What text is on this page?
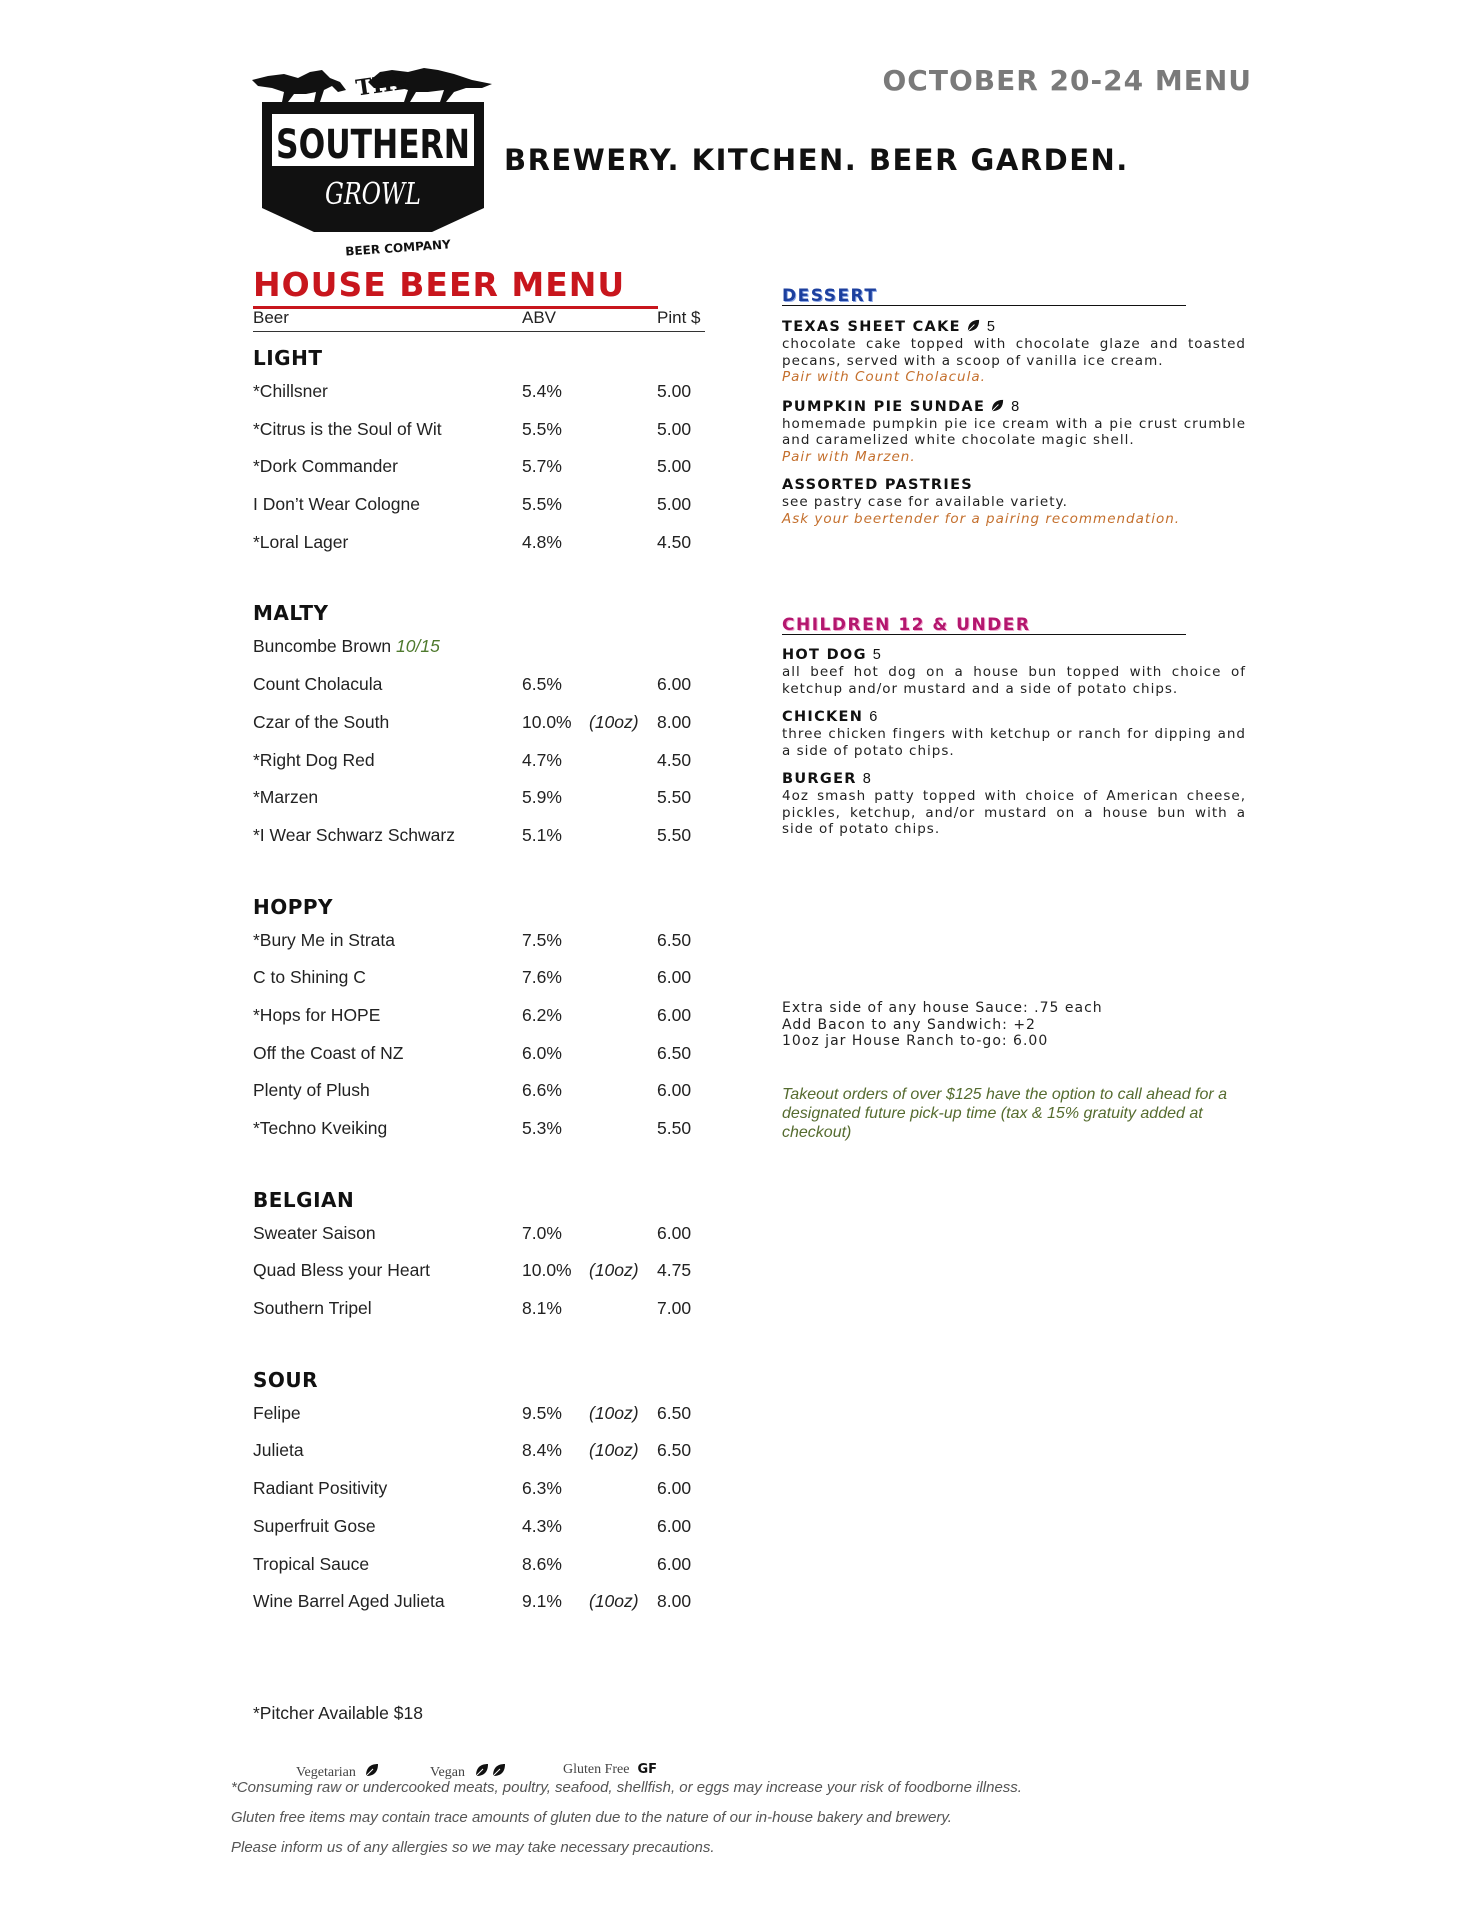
THE
SOUTHERN
GROWL
BEER COMPANY
BREWERY. KITCHEN. BEER GARDEN.
OCTOBER 20-24 MENU
HOUSE BEER MENU
Beer	ABV	Pint $
LIGHT
*Chillsner	5.4%	5.00
*Citrus is the Soul of Wit	5.5%	5.00
*Dork Commander	5.7%	5.00
I Don’t Wear Cologne	5.5%	5.00
*Loral Lager	4.8%	4.50
MALTY
Buncombe Brown 10/15
Count Cholacula	6.5%	6.00
Czar of the South	10.0% (10oz) 8.00
*Right Dog Red	4.7%	4.50
*Marzen	5.9%	5.50
*I Wear Schwarz Schwarz	5.1%	5.50
HOPPY
*Bury Me in Strata	7.5%	6.50
C to Shining C	7.6%	6.00
*Hops for HOPE	6.2%	6.00
Off the Coast of NZ	6.0%	6.50
Plenty of Plush	6.6%	6.00
*Techno Kveiking	5.3%	5.50
BELGIAN
Sweater Saison	7.0%	6.00
Quad Bless your Heart	10.0% (10oz) 4.75
Southern Tripel	8.1%	7.00
SOUR
Felipe	9.5% (10oz) 6.50
Julieta	8.4% (10oz) 6.50
Radiant Positivity	6.3%	6.00
Superfruit Gose	4.3%	6.00
Tropical Sauce	8.6%	6.00
Wine Barrel Aged Julieta	9.1% (10oz) 8.00
*Pitcher Available $18
DESSERT
TEXAS SHEET CAKE 5
chocolate cake topped with chocolate glaze and toasted pecans, served with a scoop of vanilla ice cream.
Pair with Count Cholacula.
PUMPKIN PIE SUNDAE 8
homemade pumpkin pie ice cream with a pie crust crumble and caramelized white chocolate magic shell.
Pair with Marzen.
ASSORTED PASTRIES
see pastry case for available variety.
Ask your beertender for a pairing recommendation.
CHILDREN 12 & UNDER
HOT DOG 5
all beef hot dog on a house bun topped with choice of ketchup and/or mustard and a side of potato chips.
CHICKEN 6
three chicken fingers with ketchup or ranch for dipping and a side of potato chips.
BURGER 8
4oz smash patty topped with choice of American cheese, pickles, ketchup, and/or mustard on a house bun with a side of potato chips.
Extra side of any house Sauce: .75 each
Add Bacon to any Sandwich: +2
10oz jar House Ranch to-go: 6.00
Takeout orders of over $125 have the option to call ahead for a designated future pick-up time (tax & 15% gratuity added at checkout)
Vegetarian	Vegan	Gluten Free GF
*Consuming raw or undercooked meats, poultry, seafood, shellfish, or eggs may increase your risk of foodborne illness.
Gluten free items may contain trace amounts of gluten due to the nature of our in-house bakery and brewery.
Please inform us of any allergies so we may take necessary precautions.
